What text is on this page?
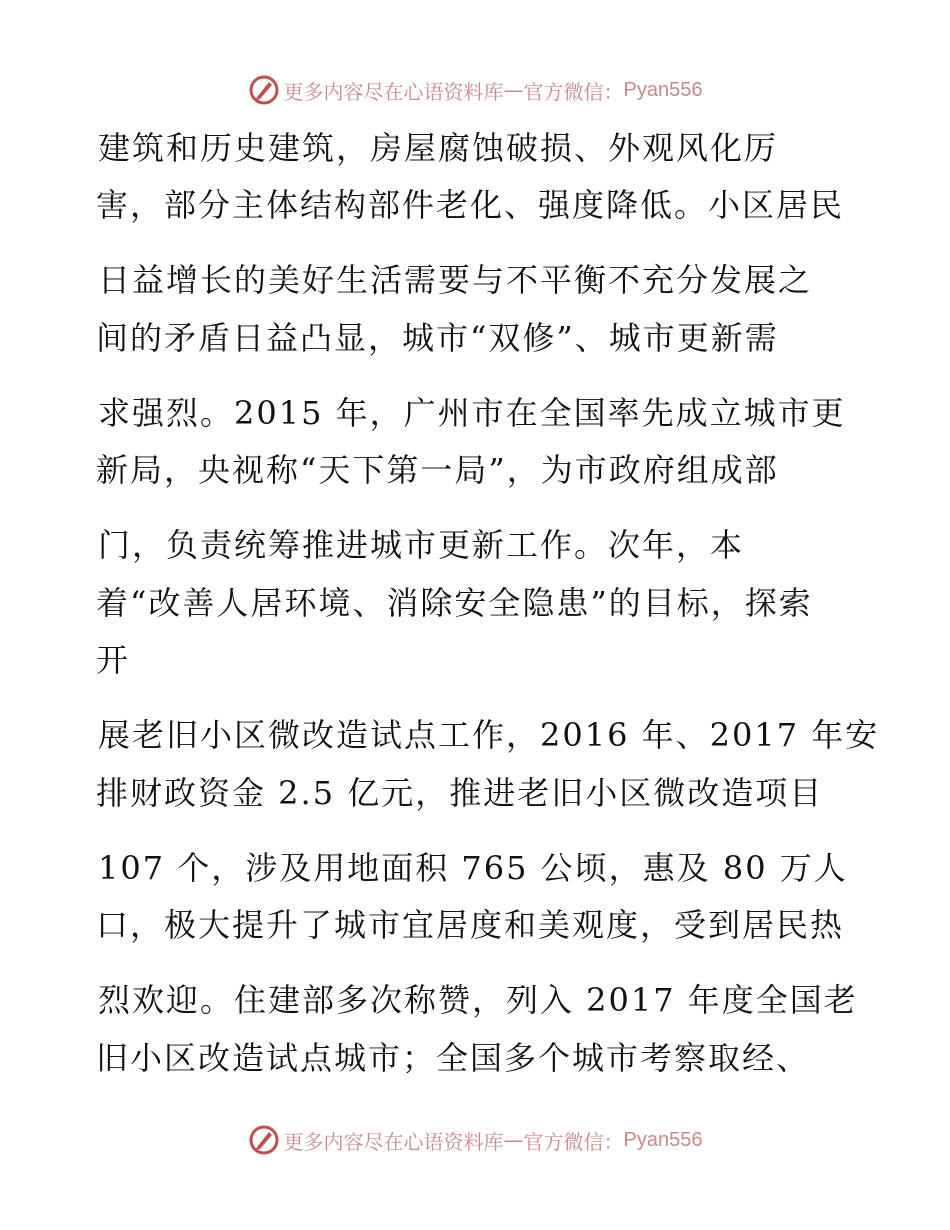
更多内容尽在心语资料库 — 官方微信： Pyan556
建筑和历史建筑，房屋腐蚀破损、外观风化厉
害，部分主体结构部件老化、强度降低。小区居民
日益增长的美好生活需要与不平衡不充分发展之
间的矛盾日益凸显，城市“双修”、城市更新需
求强烈。2015 年，广州市在全国率先成立城市更
新局，央视称“天下第一局”，为市政府组成部
门，负责统筹推进城市更新工作。次年，本
着“改善人居环境、消除安全隐患”的目标，探索
开
展老旧小区微改造试点工作，2016 年、2017 年安
排财政资金 2.5 亿元，推进老旧小区微改造项目
107 个，涉及用地面积 765 公顷，惠及 80 万人
口，极大提升了城市宜居度和美观度，受到居民热
烈欢迎。住建部多次称赞，列入 2017 年度全国老
旧小区改造试点城市；全国多个城市考察取经、
更多内容尽在心语资料库 — 官方微信： Pyan556
